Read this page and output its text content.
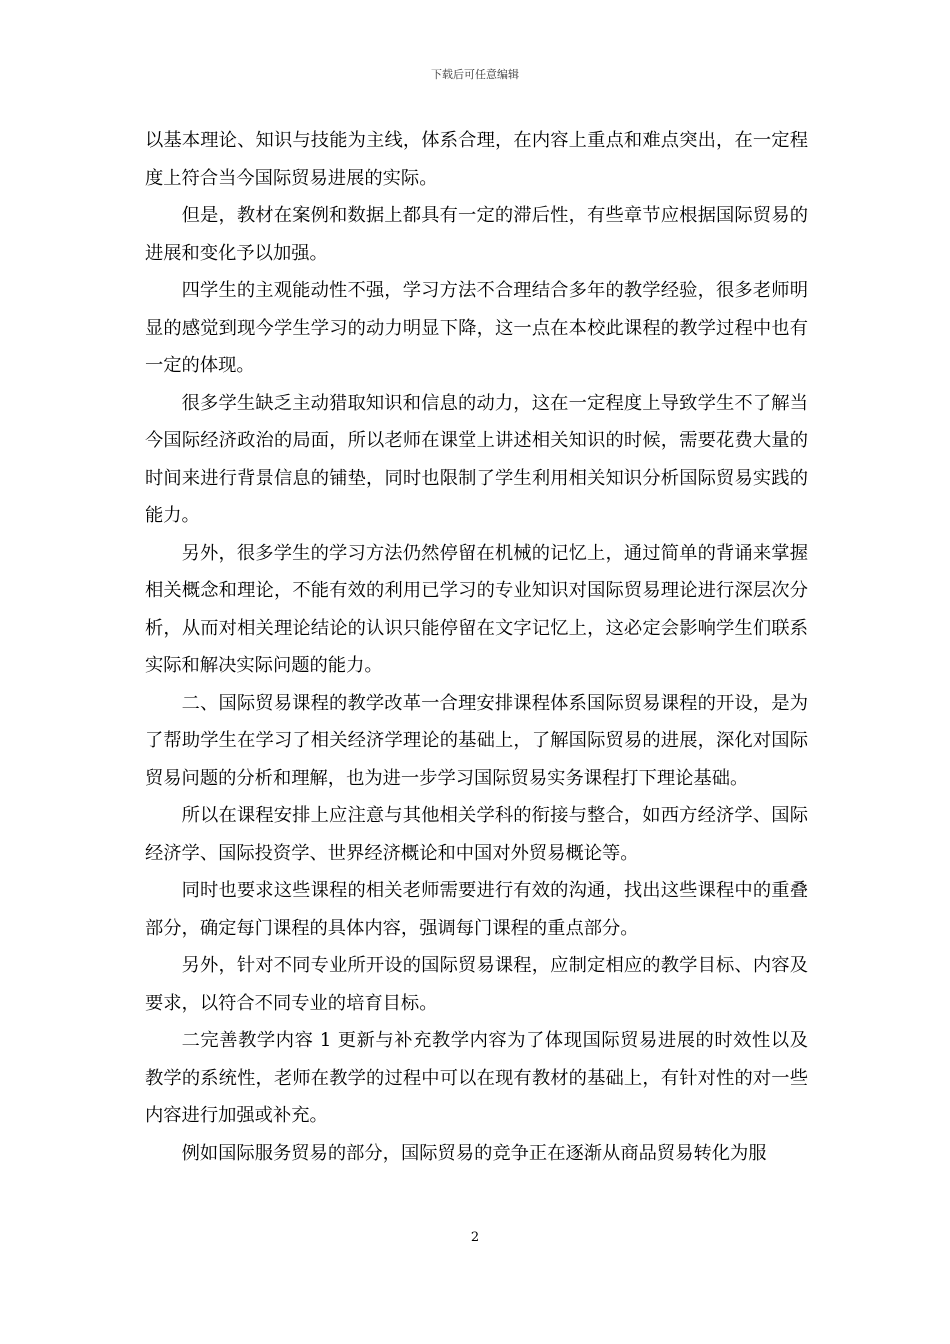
下载后可任意编辑

以基本理论、知识与技能为主线，体系合理，在内容上重点和难点突出，在一定程度上符合当今国际贸易进展的实际。

但是，教材在案例和数据上都具有一定的滞后性，有些章节应根据国际贸易的进展和变化予以加强。

四学生的主观能动性不强，学习方法不合理结合多年的教学经验，很多老师明显的感觉到现今学生学习的动力明显下降，这一点在本校此课程的教学过程中也有一定的体现。

很多学生缺乏主动猎取知识和信息的动力，这在一定程度上导致学生不了解当今国际经济政治的局面，所以老师在课堂上讲述相关知识的时候，需要花费大量的时间来进行背景信息的铺垫，同时也限制了学生利用相关知识分析国际贸易实践的能力。

另外，很多学生的学习方法仍然停留在机械的记忆上，通过简单的背诵来掌握相关概念和理论，不能有效的利用已学习的专业知识对国际贸易理论进行深层次分析，从而对相关理论结论的认识只能停留在文字记忆上，这必定会影响学生们联系实际和解决实际问题的能力。

二、国际贸易课程的教学改革一合理安排课程体系国际贸易课程的开设，是为了帮助学生在学习了相关经济学理论的基础上，了解国际贸易的进展，深化对国际贸易问题的分析和理解，也为进一步学习国际贸易实务课程打下理论基础。

所以在课程安排上应注意与其他相关学科的衔接与整合，如西方经济学、国际经济学、国际投资学、世界经济概论和中国对外贸易概论等。

同时也要求这些课程的相关老师需要进行有效的沟通，找出这些课程中的重叠部分，确定每门课程的具体内容，强调每门课程的重点部分。

另外，针对不同专业所开设的国际贸易课程，应制定相应的教学目标、内容及要求，以符合不同专业的培育目标。

二完善教学内容 1 更新与补充教学内容为了体现国际贸易进展的时效性以及教学的系统性，老师在教学的过程中可以在现有教材的基础上，有针对性的对一些内容进行加强或补充。

例如国际服务贸易的部分，国际贸易的竞争正在逐渐从商品贸易转化为服

2
